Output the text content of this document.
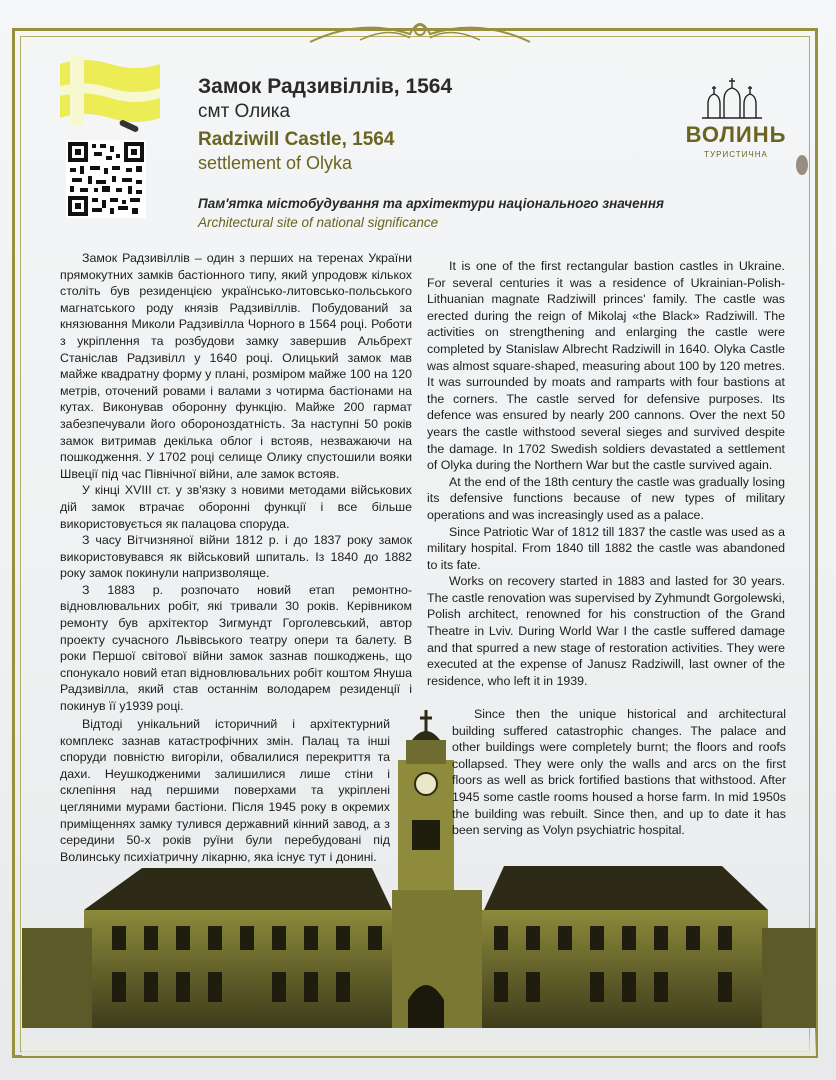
Замок Радзивіллів, 1564
смт Олика
Radziwill Castle, 1564
settlement of Olyka
Пам'ятка містобудування та архітектури національного значення
Architectural site of national significance
ВОЛИНЬ
ТУРИСТИЧНА

Замок Радзивіллів – один з перших на теренах України прямокутних замків бастіонного типу, який упродовж кількох століть був резиденцією українсько-литовсько-польського магнатського роду князів Радзивіллів. Побудований за князювання Миколи Радзивілла Чорного в 1564 році. Роботи з укріплення та розбудови замку завершив Альбрехт Станіслав Радзивілл у 1640 році. Олицький замок мав майже квадратну форму у плані, розміром майже 100 на 120 метрів, оточений ровами і валами з чотирма бастіонами на кутах. Виконував оборонну функцію. Майже 200 гармат забезпечували його обороноздатність. За наступні 50 років замок витримав декілька облог і встояв, незважаючи на пошкодження. У 1702 році селище Олику спустошили вояки Швеції під час Північної війни, але замок встояв.

У кінці XVIII ст. у зв'язку з новими методами військових дій замок втрачає оборонні функції і все більше використовується як палацова споруда.

З часу Вітчизняної війни 1812 р. і до 1837 року замок використовувався як військовий шпиталь. Із 1840 до 1882 року замок покинули напризволяще.

З 1883 р. розпочато новий етап ремонтно-відновлювальних робіт, які тривали 30 років. Керівником ремонту був архітектор Зигмундт Горголевський, автор проекту сучасного Львівського театру опери та балету. В роки Першої світової війни замок зазнав пошкоджень, що спонукало новий етап відновлювальних робіт коштом Януша Радзивілла, який став останнім володарем резиденції і покинув її у1939 році.

It is one of the first rectangular bastion castles in Ukraine. For several centuries it was a residence of Ukrainian-Polish-Lithuanian magnate Radziwill princes' family. The castle was erected during the reign of Mikolaj «the Black» Radziwill. The activities on strengthening and enlarging the castle were completed by Stanislaw Albrecht Radziwill in 1640. Olyka Castle was almost square-shaped, measuring about 100 by 120 metres. It was surrounded by moats and ramparts with four bastions at the corners. The castle served for defensive purposes. Its defence was ensured by nearly 200 cannons. Over the next 50 years the castle withstood several sieges and survived despite the damage. In 1702 Swedish soldiers devastated a settlement of Olyka during the Northern War but the castle survived again.

At the end of the 18th century the castle was gradually losing its defensive functions because of new types of military operations and was increasingly used as a palace.

Since Patriotic War of 1812 till 1837 the castle was used as a military hospital. From 1840 till 1882 the castle was abandoned to its fate.

Works on recovery started in 1883 and lasted for 30 years. The castle renovation was supervised by Zyhmundt Gorgolewski, Polish architect, renowned for his construction of the Grand Theatre in Lviv. During World War I the castle suffered damage and that spurred a new stage of restoration activities. They were executed at the expense of Janusz Radziwill, last owner of the residence, who left it in 1939.

Відтоді унікальний історичний і архітектурний комплекс зазнав катастрофічних змін. Палац та інші споруди повністю вигоріли, обвалилися перекриття та дахи. Неушкодженими залишилися лише стіни і склепіння над першими поверхами та укріплені цегляними мурами бастіони. Після 1945 року в окремих приміщеннях замку тулився державний кінний завод, а з середини 50-х років руїни були перебудовані під Волинську психіатричну лікарню, яка існує тут і донині.

Since then the unique historical and architectural building suffered catastrophic changes. The palace and other buildings were completely burnt; the floors and roofs collapsed. They were only the walls and arcs on the first floors as well as brick fortified bastions that withstood. After 1945 some castle rooms housed a horse farm. In mid 1950s the building was rebuilt. Since then, and up to date it has been serving as Volyn psychiatric hospital.
